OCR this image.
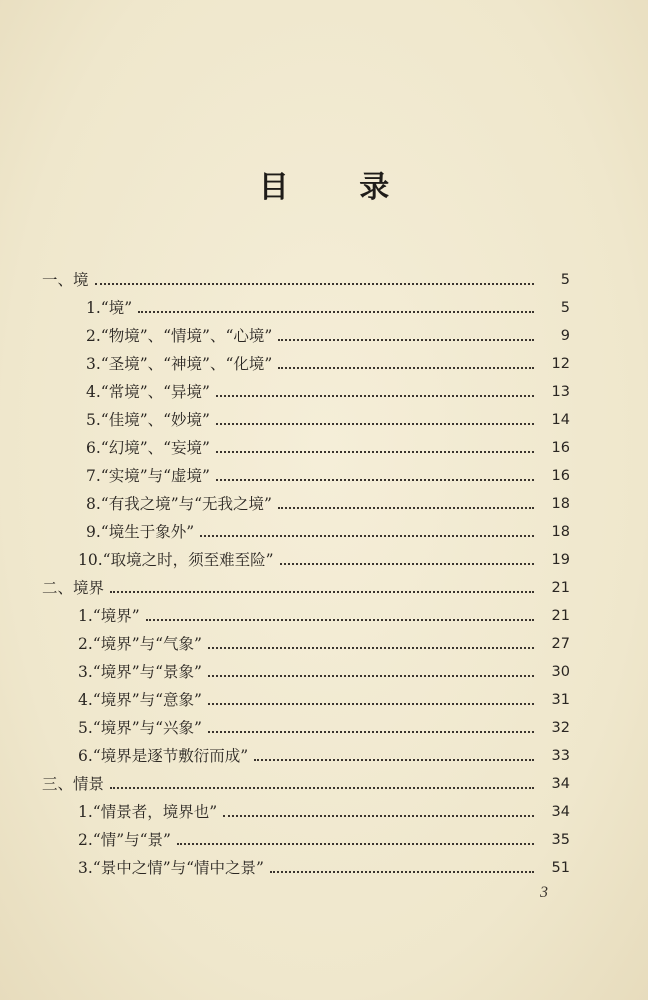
目 录
一、境	5
1.“境”	5
2.“物境”、“情境”、“心境”	9
3.“圣境”、“神境”、“化境”	12
4.“常境”、“异境”	13
5.“佳境”、“妙境”	14
6.“幻境”、“妄境”	16
7.“实境”与“虚境”	16
8.“有我之境”与“无我之境”	18
9.“境生于象外”	18
10.“取境之时，须至难至险”	19
二、境界	21
1.“境界”	21
2.“境界”与“气象”	27
3.“境界”与“景象”	30
4.“境界”与“意象”	31
5.“境界”与“兴象”	32
6.“境界是逐节敷衍而成”	33
三、情景	34
1.“情景者，境界也”	34
2.“情”与“景”	35
3.“景中之情”与“情中之景”	51
3
